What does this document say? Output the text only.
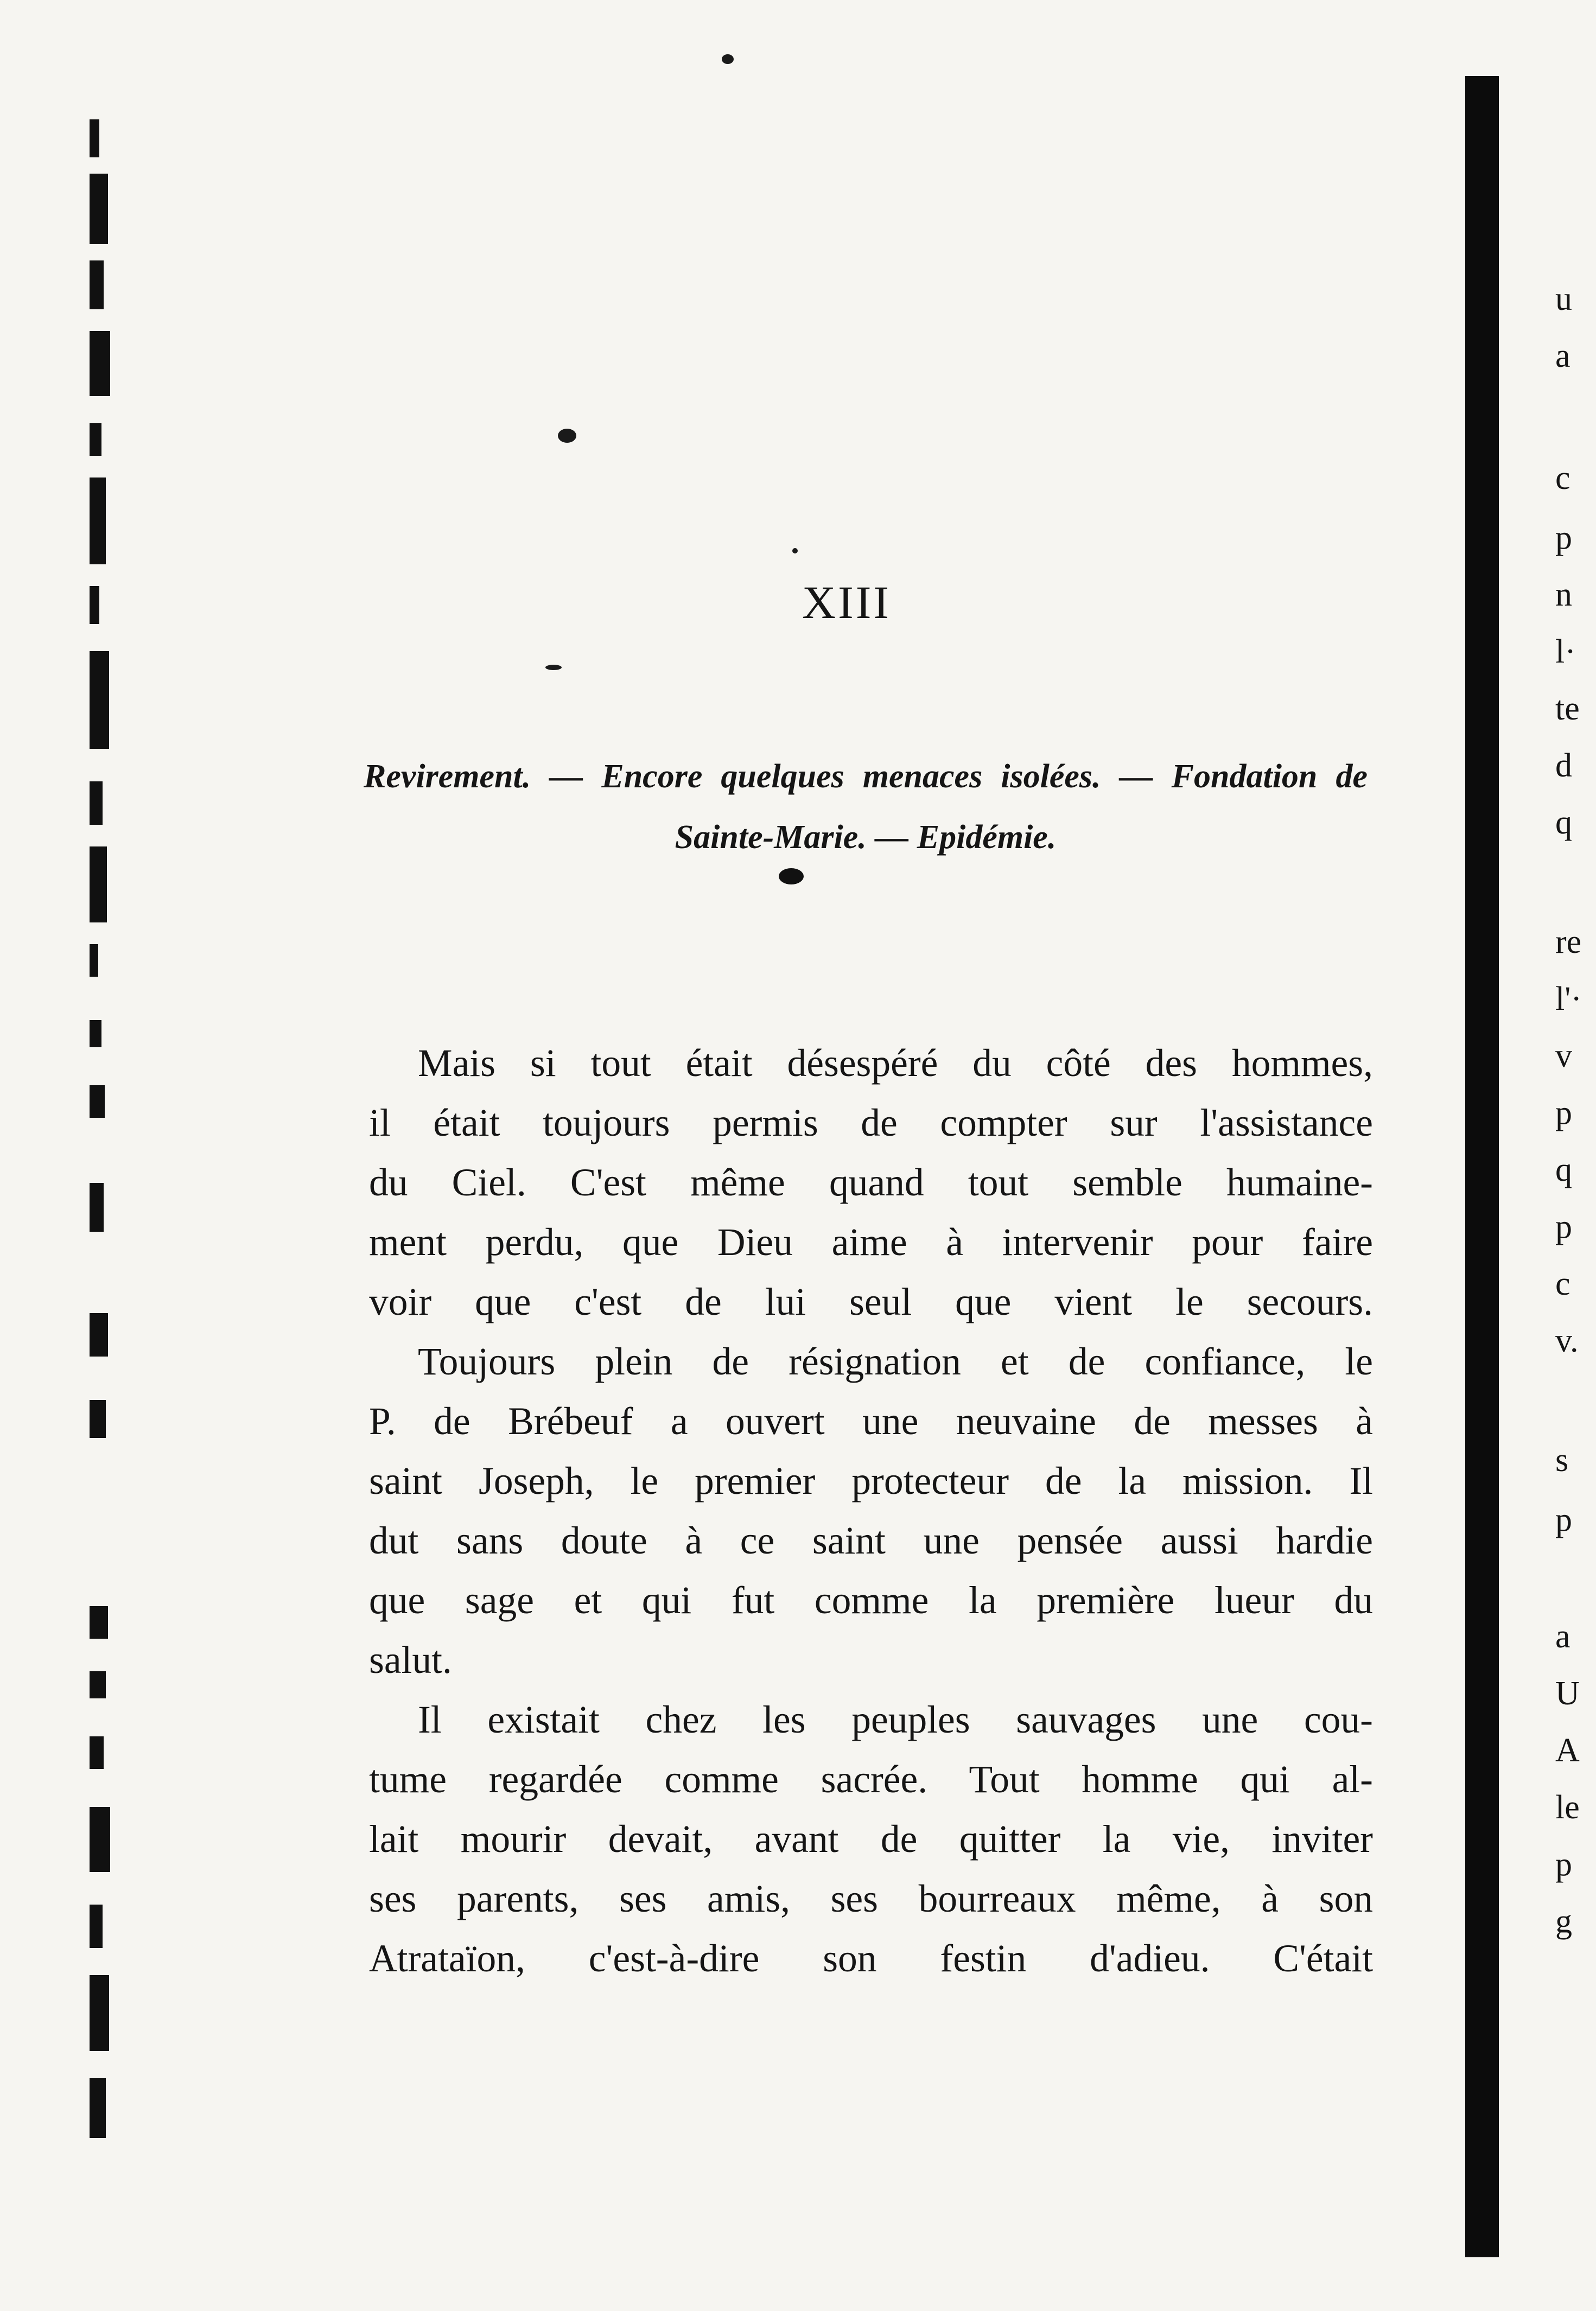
XIII
Revirement. — Encore quelques menaces isolées. — Fondation de Sainte-Marie. — Epidémie.
Mais si tout était désespéré du côté des hommes,
il était toujours permis de compter sur l'assistance
du Ciel. C'est même quand tout semble humaine-
ment perdu, que Dieu aime à intervenir pour faire
voir que c'est de lui seul que vient le secours.
Toujours plein de résignation et de confiance, le
P. de Brébeuf a ouvert une neuvaine de messes à
saint Joseph, le premier protecteur de la mission. Il
dut sans doute à ce saint une pensée aussi hardie
que sage et qui fut comme la première lueur du
salut.
Il existait chez les peuples sauvages une cou-
tume regardée comme sacrée. Tout homme qui al-
lait mourir devait, avant de quitter la vie, inviter
ses parents, ses amis, ses bourreaux même, à son
Atrataïon, c'est-à-dire son festin d'adieu. C'était
u
a
c
p
n
l·
te
d
q
re
l'·
v
p
q
p
c
v.
s
p
a
U
A
le
p
g
